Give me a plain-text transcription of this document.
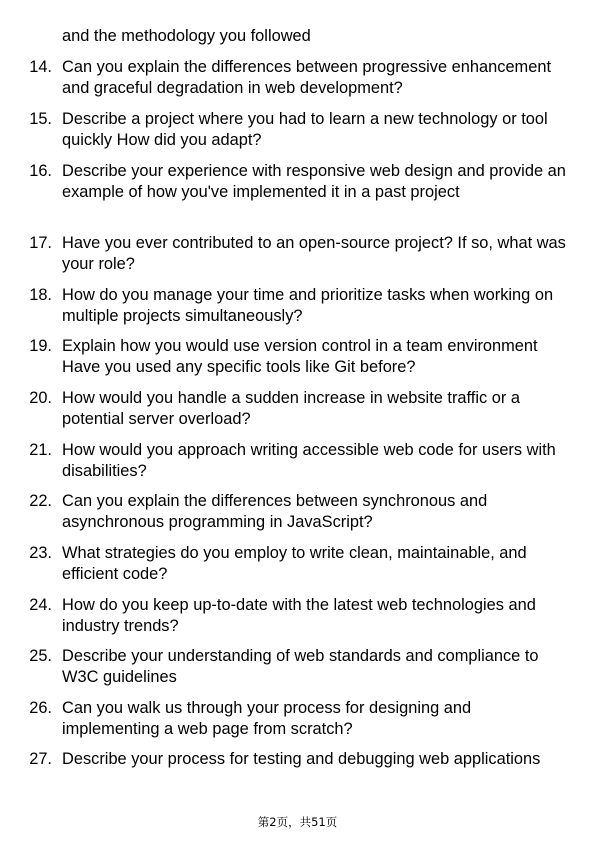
and the methodology you followed
14. Can you explain the differences between progressive enhancement and graceful degradation in web development?
15. Describe a project where you had to learn a new technology or tool quickly How did you adapt?
16. Describe your experience with responsive web design and provide an example of how you've implemented it in a past project
17. Have you ever contributed to an open-source project? If so, what was your role?
18. How do you manage your time and prioritize tasks when working on multiple projects simultaneously?
19. Explain how you would use version control in a team environment Have you used any specific tools like Git before?
20. How would you handle a sudden increase in website traffic or a potential server overload?
21. How would you approach writing accessible web code for users with disabilities?
22. Can you explain the differences between synchronous and asynchronous programming in JavaScript?
23. What strategies do you employ to write clean, maintainable, and efficient code?
24. How do you keep up-to-date with the latest web technologies and industry trends?
25. Describe your understanding of web standards and compliance to W3C guidelines
26. Can you walk us through your process for designing and implementing a web page from scratch?
27. Describe your process for testing and debugging web applications
第2页，共51页
